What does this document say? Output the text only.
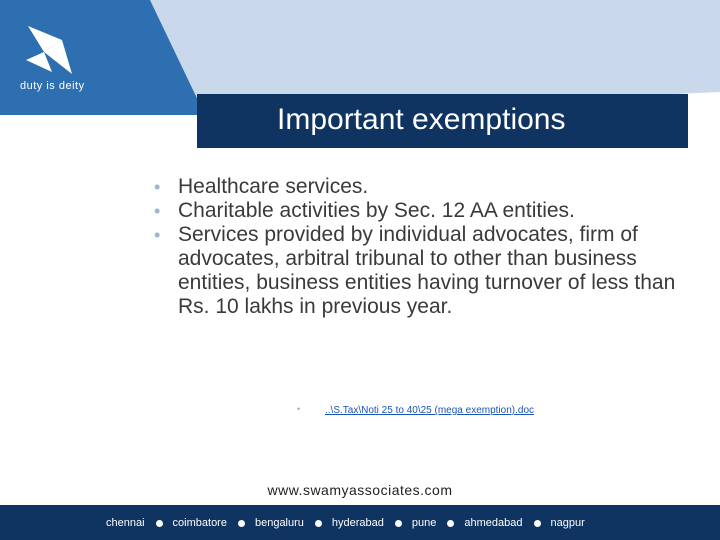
duty is deity
Important exemptions
• Healthcare services.
• Charitable activities by Sec. 12 AA entities.
• Services provided by individual advocates, firm of advocates, arbitral tribunal to other than business entities, business entities having turnover of less than Rs. 10 lakhs in previous year.
• ..\S.Tax\Noti 25 to 40\25 (mega exemption).doc
www.swamyassociates.com
chennai	coimbatore	bengaluru	hyderabad	pune	ahmedabad	nagpur
